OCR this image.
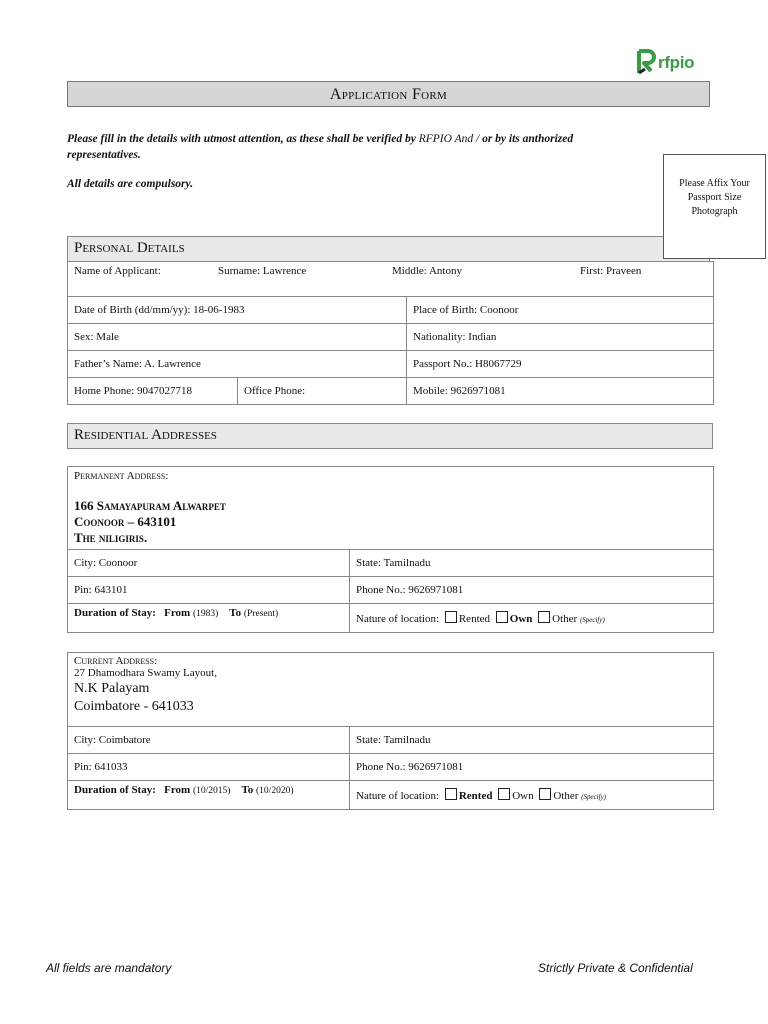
rfpio
Application Form
Please fill in the details with utmost attention, as these shall be verified by RFPIO And / or by its anthorized representatives.
All details are compulsory.	Please Affix Your
Passport Size
Photograph
Personal Details
Name of Applicant: Surname: Lawrence Middle: Antony First: Praveen		
Date of Birth (dd/mm/yy): 18-06-1983		Place of Birth: Coonoor
Sex: Male		Nationality: Indian
Father’s Name: A. Lawrence		Passport No.: H8067729
Home Phone: 9047027718	Office Phone:	Mobile: 9626971081
Residential Addresses
Permanent Address:
166 Samayapuram Alwarpet
Coonoor – 643101
The niligiris.	

City: Coonoor	State: Tamilnadu
Pin: 643101	Phone No.: 9626971081
Duration of Stay: From (1983) To (Present)	Nature of location: Rented Own Other (Specify)
Current Address:
27 Dhamodhara Swamy Layout,
N.K Palayam
Coimbatore - 641033	

City: Coimbatore	State: Tamilnadu
Pin: 641033	Phone No.: 9626971081
Duration of Stay: From (10/2015) To (10/2020)	Nature of location: Rented Own Other (Specify)
All fields are mandatory	Strictly Private & Confidential
